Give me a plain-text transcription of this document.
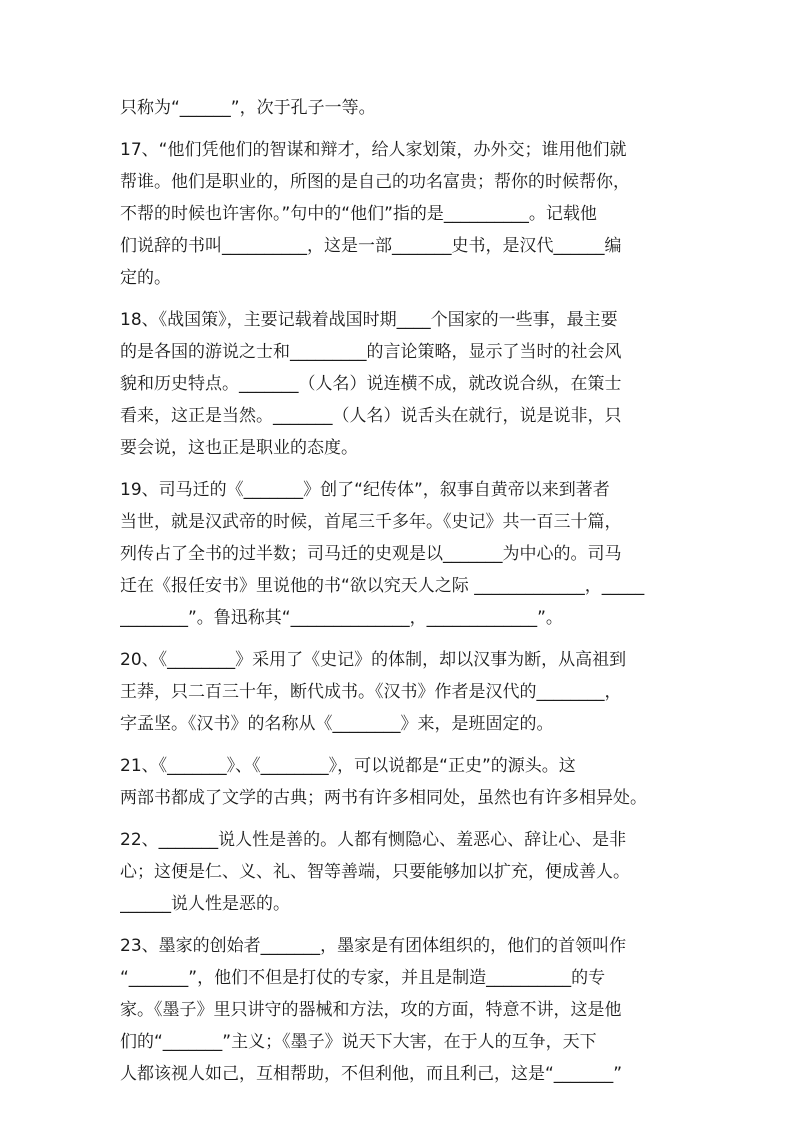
只称为“______”，次于孔子一等。
17、“他们凭他们的智谋和辩才，给人家划策，办外交；谁用他们就
帮谁。他们是职业的，所图的是自己的功名富贵；帮你的时候帮你，
不帮的时候也许害你。”句中的“他们”指的是__________。记载他
们说辞的书叫__________，这是一部_______史书，是汉代______编
定的。
18、《战国策》，主要记载着战国时期____个国家的一些事，最主要
的是各国的游说之士和_________的言论策略，显示了当时的社会风
貌和历史特点。_______（人名）说连横不成，就改说合纵，在策士
看来，这正是当然。_______（人名）说舌头在就行，说是说非，只
要会说，这也正是职业的态度。
19、司马迁的《_______》创了“纪传体”，叙事自黄帝以来到著者
当世，就是汉武帝的时候，首尾三千多年。《史记》共一百三十篇，
列传占了全书的过半数；司马迁的史观是以_______为中心的。司马
迁在《报任安书》里说他的书“欲以究天人之际 _____________，_____
________”。鲁迅称其“______________，_____________”。
20、《________》采用了《史记》的体制，却以汉事为断，从高祖到
王莽，只二百三十年，断代成书。《汉书》作者是汉代的________，
字孟坚。《汉书》的名称从《________》来，是班固定的。
21、《_______》、《________》，可以说都是“正史”的源头。这
两部书都成了文学的古典；两书有许多相同处，虽然也有许多相异处。
22、_______说人性是善的。人都有恻隐心、羞恶心、辞让心、是非
心；这便是仁、义、礼、智等善端，只要能够加以扩充，便成善人。
______说人性是恶的。
23、墨家的创始者_______，墨家是有团体组织的，他们的首领叫作
“_______”，他们不但是打仗的专家，并且是制造__________的专
家。《墨子》里只讲守的器械和方法，攻的方面，特意不讲，这是他
们的“_______”主义；《墨子》说天下大害，在于人的互争，天下
人都该视人如己，互相帮助，不但利他，而且利己，这是“_______”
